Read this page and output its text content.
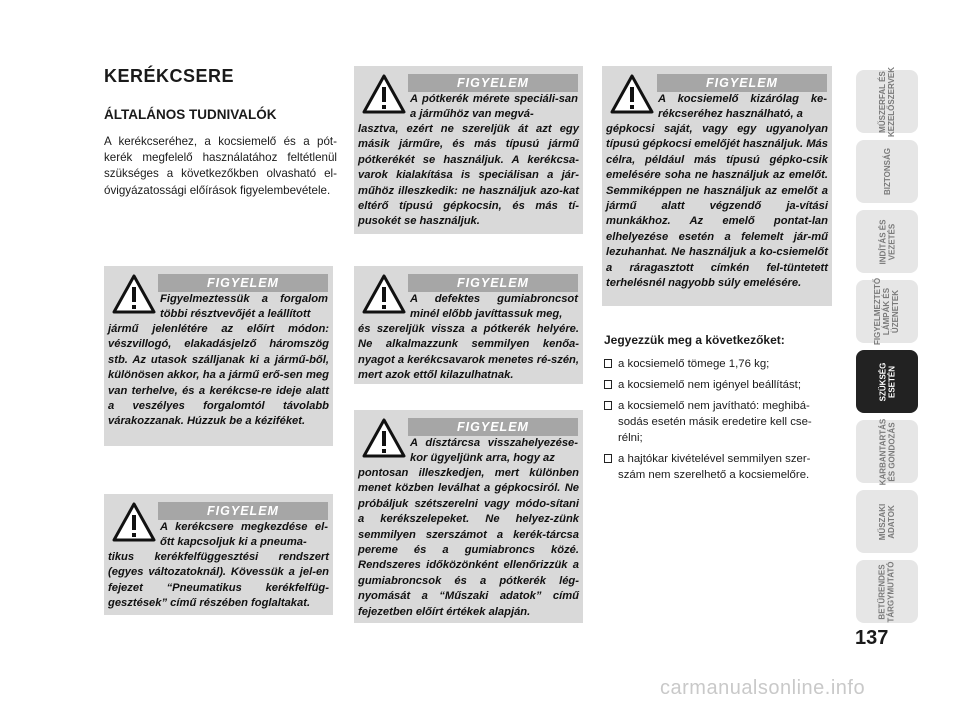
KERÉKCSERE
ÁLTALÁNOS TUDNIVALÓK
A kerékcseréhez, a kocsiemelő és a pót-kerék megfelelő használatához feltétlenül szükséges a következőkben olvasható el-óvigyázatossági előírások figyelembevétele.
FIGYELEM
Figyelmeztessük a forgalom többi résztvevőjét a leállított
jármű jelenlétére az előírt módon: vészvillogó, elakadásjelző háromszög stb. Az utasok szálljanak ki a jármű-ből, különösen akkor, ha a jármű erő-sen meg van terhelve, és a kerékcse-re ideje alatt a veszélyes forgalomtól távolabb várakozzanak. Húzzuk be a kéziféket.
FIGYELEM
A kerékcsere megkezdése el-őtt kapcsoljuk ki a pneuma-
tikus kerékfelfüggesztési rendszert (egyes változatoknál). Kövessük a jel-en fejezet “Pneumatikus kerékfelfüg-gesztések” című részében foglaltakat.
FIGYELEM
A pótkerék mérete speciáli-san a járműhöz van megvá-
lasztva, ezért ne szereljük át azt egy másik járműre, és más típusú jármű pótkerékét se használjuk. A kerékcsa-varok kialakítása is speciálisan a jár-műhöz illeszkedik: ne használjuk azo-kat eltérő típusú gépkocsin, és más tí-pusokét se használjuk.
FIGYELEM
A defektes gumiabroncsot minél előbb javíttassuk meg,
és szereljük vissza a pótkerék helyére. Ne alkalmazzunk semmilyen kenőa-nyagot a kerékcsavarok menetes ré-szén, mert azok ettől kilazulhatnak.
FIGYELEM
A dísztárcsa visszahelyezése-kor ügyeljünk arra, hogy az
pontosan illeszkedjen, mert különben menet közben leválhat a gépkocsiról. Ne próbáljuk szétszerelni vagy módo-sítani a kerékszelepeket. Ne helyez-zünk semmilyen szerszámot a kerék-tárcsa pereme és a gumiabroncs közé. Rendszeres időközönként ellenőrizzük a gumiabroncsok és a pótkerék lég-nyomását a “Műszaki adatok” című fejezetben előírt értékek alapján.
FIGYELEM
A kocsiemelő kizárólag ke-rékcseréhez használható, a
gépkocsi saját, vagy egy ugyanolyan típusú gépkocsi emelőjét használjuk. Más célra, például más típusú gépko-csik emelésére soha ne használjuk az emelőt. Semmiképpen ne használjuk az emelőt a jármű alatt végzendő ja-vítási munkákhoz. Az emelő pontat-lan elhelyezése esetén a felemelt jár-mű lezuhanhat. Ne használjuk a ko-csiemelőt a ráragasztott címkén fel-tüntetett terhelésnél nagyobb súly emelésére.
Jegyezzük meg a következőket:
a kocsiemelő tömege 1,76 kg;
a kocsiemelő nem igényel beállítást;
a kocsiemelő nem javítható: meghibá-sodás esetén másik eredetire kell cse-rélni;
a hajtókar kivételével semmilyen szer-szám nem szerelhető a kocsiemelőre.
MŰSZERFAL ÉS
KEZELŐSZERVEK
BIZTONSÁG
INDÍTÁS ÉS
VEZETÉS
FIGYELMEZTETŐ
LÁMPÁK ÉS
ÜZENETEK
SZÜKSÉG
ESETÉN
KARBANTARTÁS
ÉS GONDOZÁS
MŰSZAKI
ADATOK
BETŰRENDES
TÁRGYMUTATÓ
137
carmanualsonline.info
